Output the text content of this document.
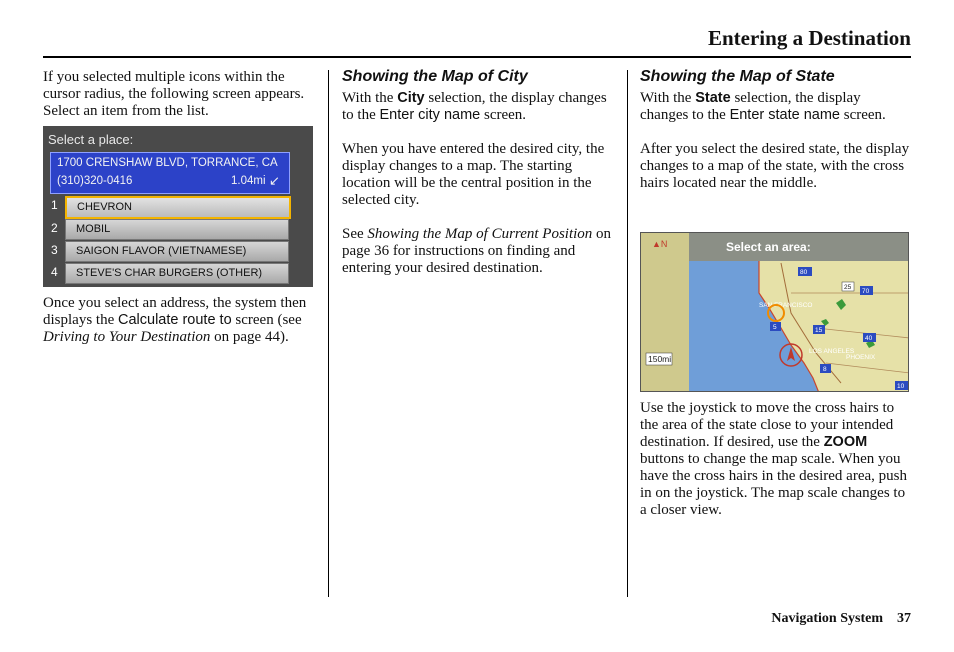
Entering a Destination

If you selected multiple icons within the cursor radius, the following screen appears. Select an item from the list.

Select a place:
1700 CRENSHAW BLVD, TORRANCE, CA
(310)320-0416	1.04mi ↙
1 CHEVRON
2 MOBIL
3 SAIGON FLAVOR (VIETNAMESE)
4 STEVE'S CHAR BURGERS (OTHER)

Once you select an address, the system then displays the Calculate route to screen (see Driving to Your Destination on page 44).

Showing the Map of City

With the City selection, the display changes to the Enter city name screen.

When you have entered the desired city, the display changes to a map. The starting location will be the central position in the selected city.

See Showing the Map of Current Position on page 36 for instructions on finding and entering your desired destination.

Showing the Map of State

With the State selection, the display changes to the Enter state name screen.

After you select the desired state, the display changes to a map of the state, with the cross hairs located near the middle.

▲N
150mi
Select an area:
SAN FRANCISCO
LOS ANGELES
PHOENIX
80
5	15
40
10
8
70
25

Use the joystick to move the cross hairs to the area of the state close to your intended destination. If desired, use the ZOOM buttons to change the map scale. When you have the cross hairs in the desired area, push in on the joystick. The map scale changes to a closer view.

Navigation System 37
